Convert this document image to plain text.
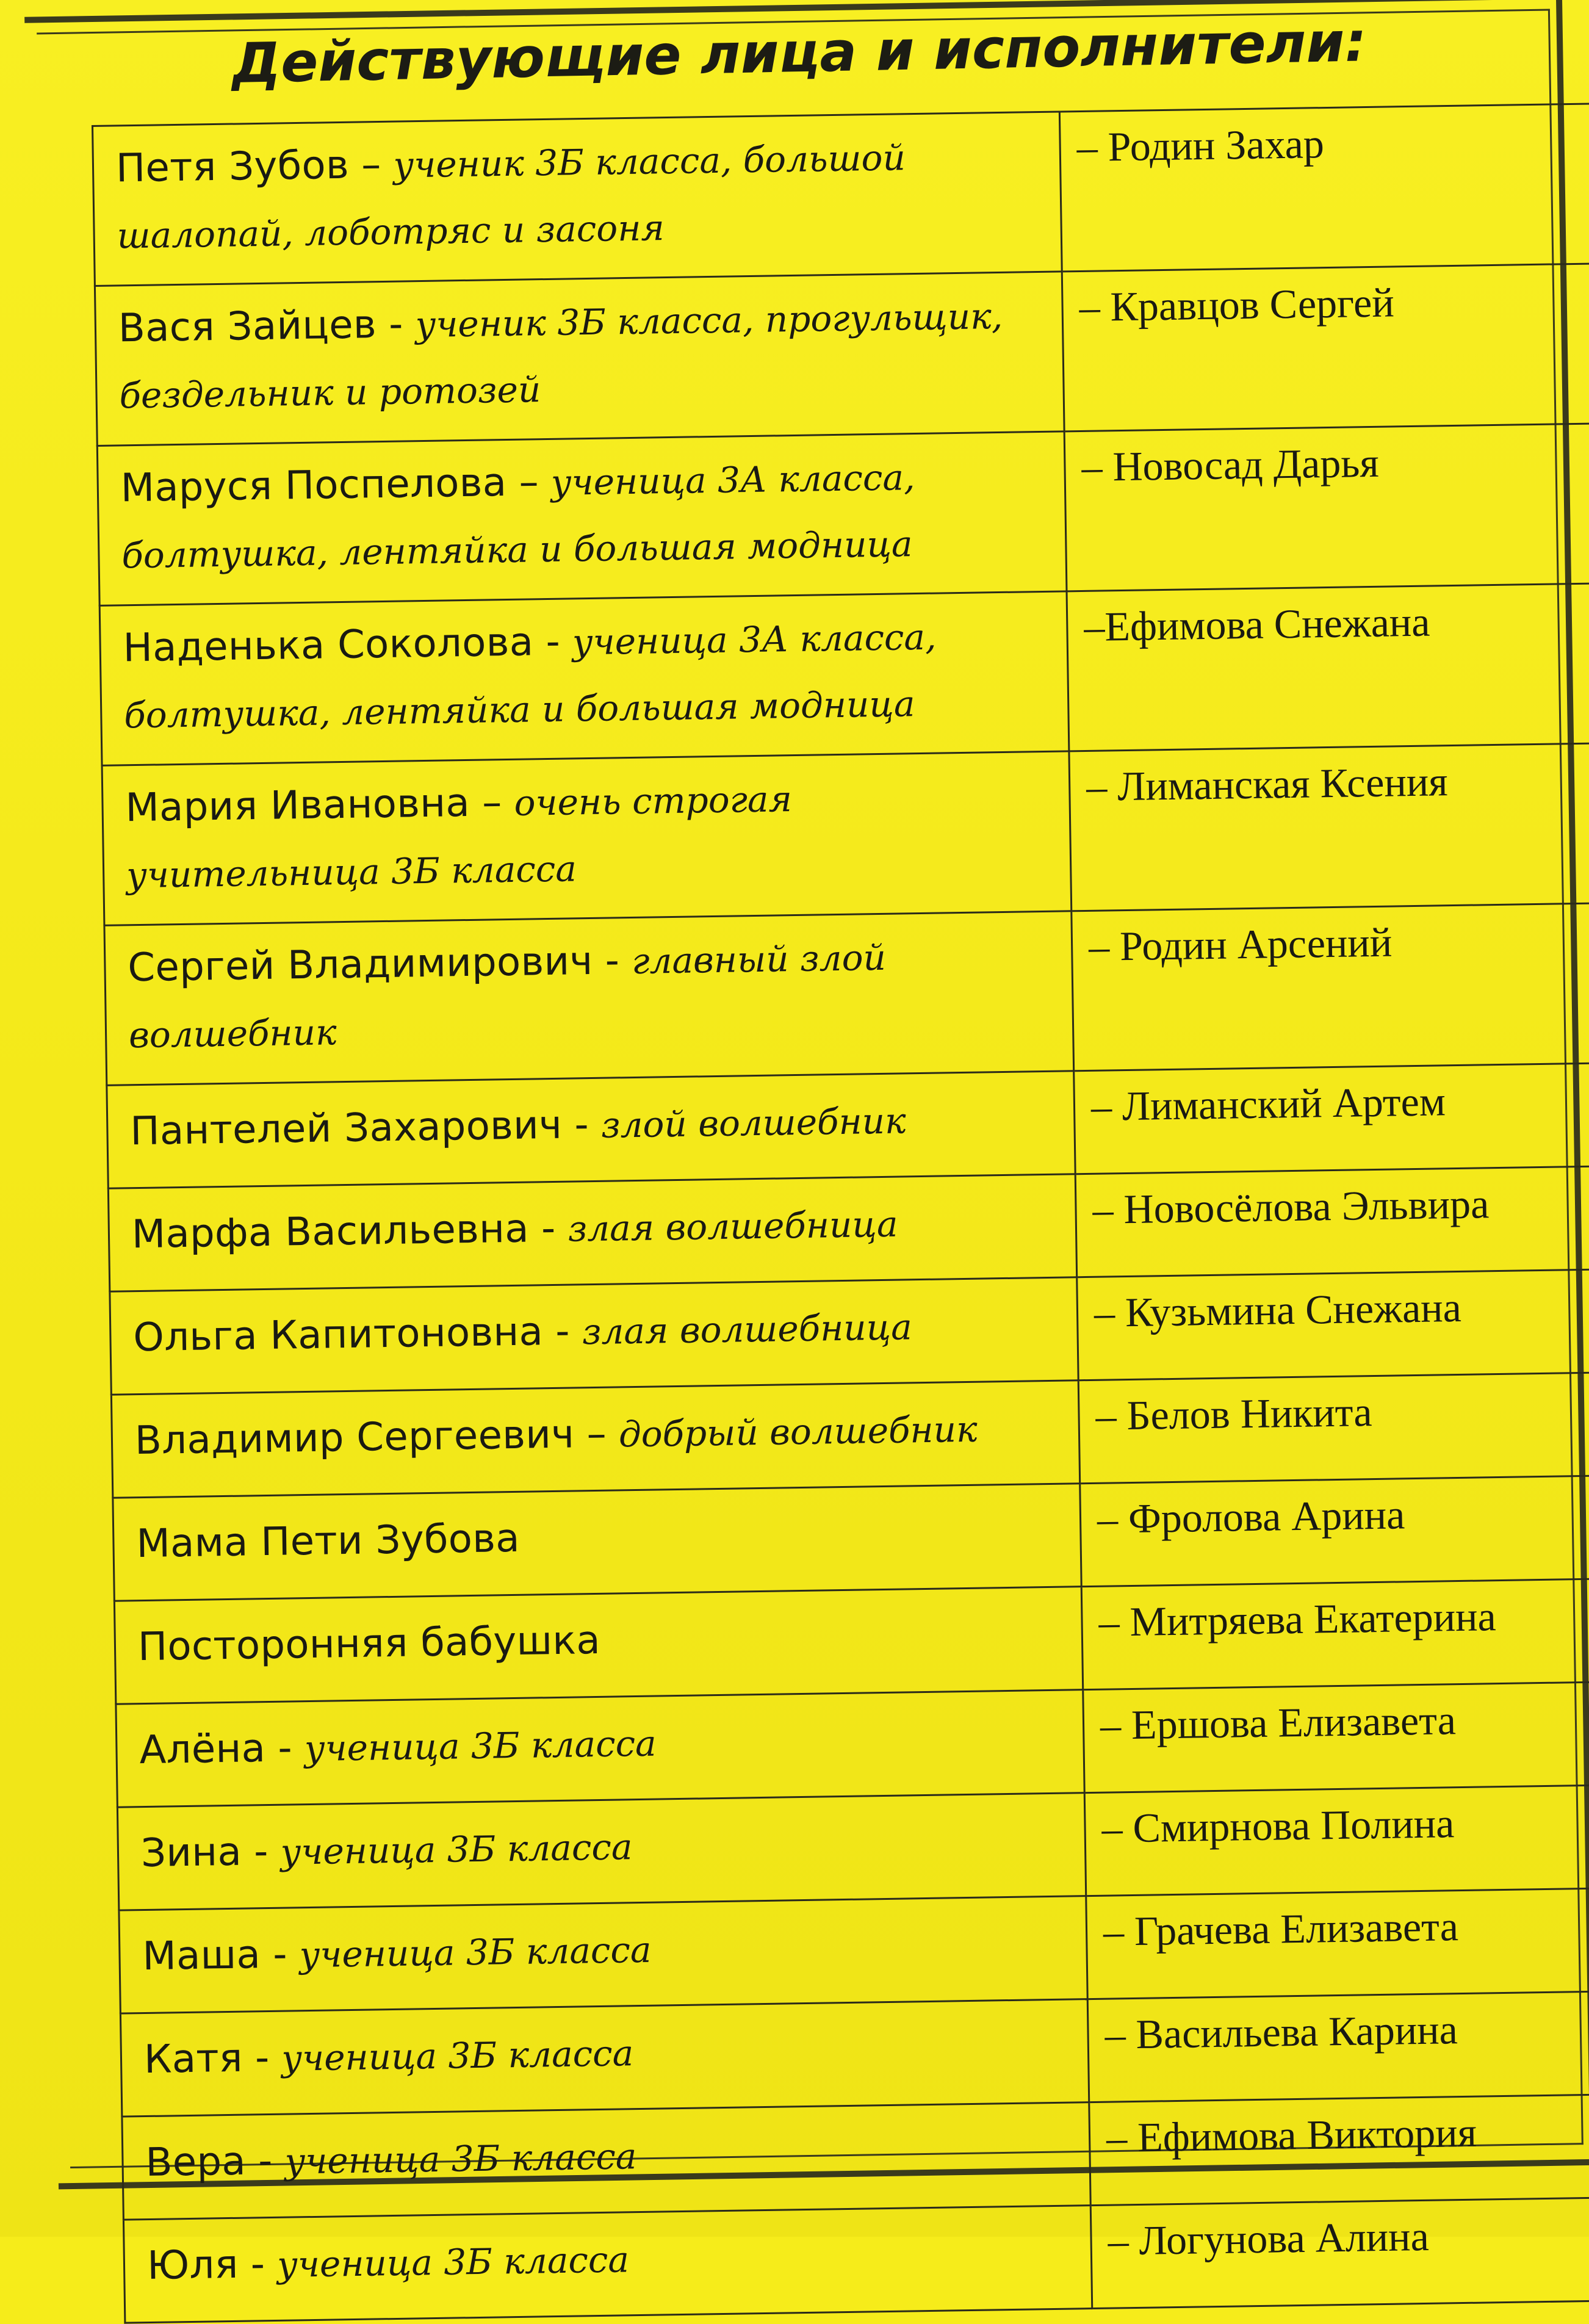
Действующие лица и исполнители:
Петя Зубов – ученик 3Б класса, большой шалопай, лоботряс и засоня	– Родин Захар

Вася Зайцев - ученик 3Б класса, прогульщик, бездельник и ротозей	– Кравцов Сергей

Маруся Поспелова – ученица 3А класса, болтушка, лентяйка и большая модница	– Новосад Дарья

Наденька Соколова - ученица 3А класса, болтушка, лентяйка и большая модница	–Ефимова Снежана

Мария Ивановна – очень строгая учительница 3Б класса	– Лиманская Ксения

Сергей Владимирович - главный злой волшебник	– Родин Арсений

Пантелей Захарович - злой волшебник	– Лиманский Артем

Марфа Васильевна - злая волшебница	– Новосёлова Эльвира

Ольга Капитоновна - злая волшебница	– Кузьмина Снежана

Владимир Сергеевич – добрый волшебник	– Белов Никита

Мама Пети Зубова	– Фролова Арина

Посторонняя бабушка	– Митряева Екатерина

Алёна - ученица 3Б класса	– Ершова Елизавета

Зина - ученица 3Б класса	– Смирнова Полина

Маша - ученица 3Б класса	– Грачева Елизавета

Катя - ученица 3Б класса	– Васильева Карина

Вера - ученица 3Б класса	– Ефимова Виктория

Юля - ученица 3Б класса	– Логунова Алина
